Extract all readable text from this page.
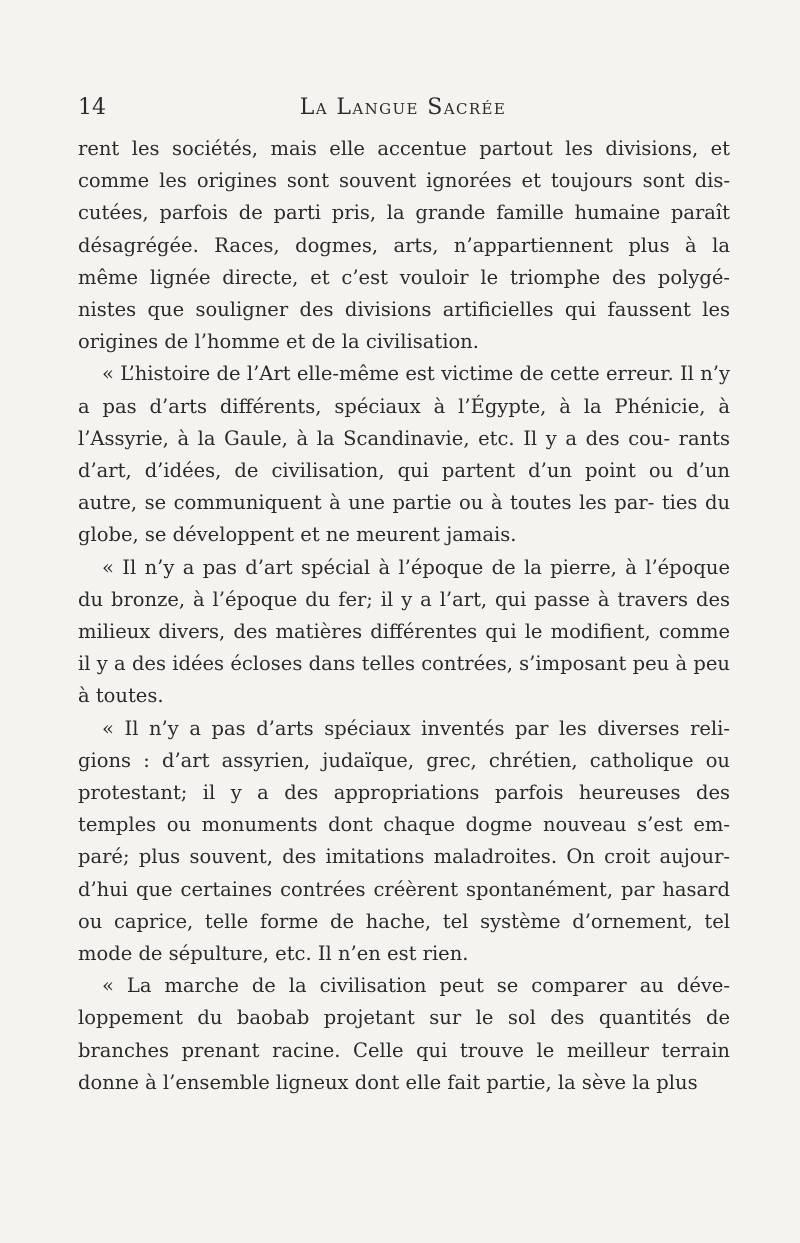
14	La Langue Sacrée

rent les sociétés, mais elle accentue partout les divisions, et comme les origines sont souvent ignorées et toujours sont dis- cutées, parfois de parti pris, la grande famille humaine paraît désagrégée. Races, dogmes, arts, n’appartiennent plus à la même lignée directe, et c’est vouloir le triomphe des polygé- nistes que souligner des divisions artificielles qui faussent les origines de l’homme et de la civilisation.

« L’histoire de l’Art elle-même est victime de cette erreur. Il n’y a pas d’arts différents, spéciaux à l’Égypte, à la Phénicie, à l’Assyrie, à la Gaule, à la Scandinavie, etc. Il y a des cou- rants d’art, d’idées, de civilisation, qui partent d’un point ou d’un autre, se communiquent à une partie ou à toutes les par- ties du globe, se développent et ne meurent jamais.

« Il n’y a pas d’art spécial à l’époque de la pierre, à l’époque du bronze, à l’époque du fer; il y a l’art, qui passe à travers des milieux divers, des matières différentes qui le modifient, comme il y a des idées écloses dans telles contrées, s’imposant peu à peu à toutes.

« Il n’y a pas d’arts spéciaux inventés par les diverses reli- gions : d’art assyrien, judaïque, grec, chrétien, catholique ou protestant; il y a des appropriations parfois heureuses des temples ou monuments dont chaque dogme nouveau s’est em- paré; plus souvent, des imitations maladroites. On croit aujour- d’hui que certaines contrées créèrent spontanément, par hasard ou caprice, telle forme de hache, tel système d’ornement, tel mode de sépulture, etc. Il n’en est rien.

« La marche de la civilisation peut se comparer au déve- loppement du baobab projetant sur le sol des quantités de branches prenant racine. Celle qui trouve le meilleur terrain donne à l’ensemble ligneux dont elle fait partie, la sève la plus
